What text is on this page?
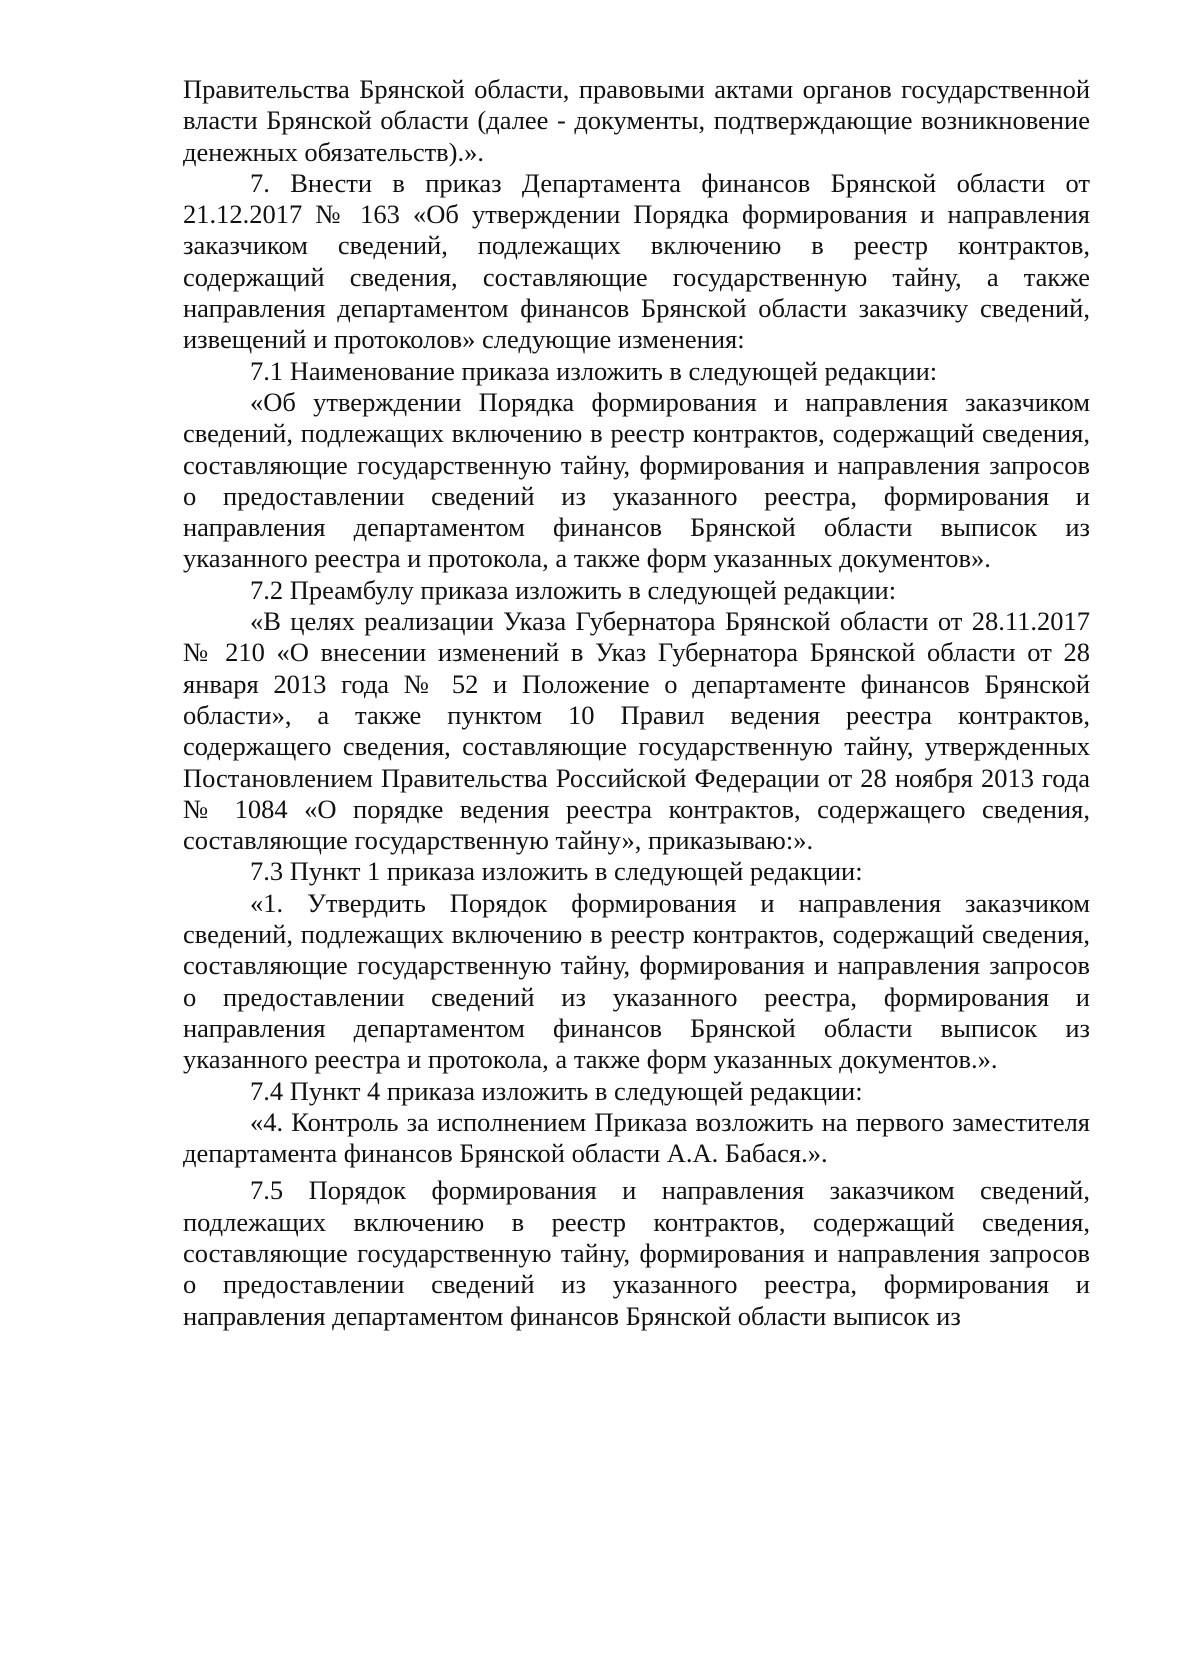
Правительства Брянской области, правовыми актами органов государственной власти Брянской области (далее - документы, подтверждающие возникновение денежных обязательств).».

7. Внести в приказ Департамента финансов Брянской области от 21.12.2017 № 163 «Об утверждении Порядка формирования и направления заказчиком сведений, подлежащих включению в реестр контрактов, содержащий сведения, составляющие государственную тайну, а также направления департаментом финансов Брянской области заказчику сведений, извещений и протоколов» следующие изменения:

7.1 Наименование приказа изложить в следующей редакции:

«Об утверждении Порядка формирования и направления заказчиком сведений, подлежащих включению в реестр контрактов, содержащий сведения, составляющие государственную тайну, формирования и направления запросов о предоставлении сведений из указанного реестра, формирования и направления департаментом финансов Брянской области выписок из указанного реестра и протокола, а также форм указанных документов».

7.2 Преамбулу приказа изложить в следующей редакции:

«В целях реализации Указа Губернатора Брянской области от 28.11.2017 № 210 «О внесении изменений в Указ Губернатора Брянской области от 28 января 2013 года № 52 и Положение о департаменте финансов Брянской области», а также пунктом 10 Правил ведения реестра контрактов, содержащего сведения, составляющие государственную тайну, утвержденных Постановлением Правительства Российской Федерации от 28 ноября 2013 года № 1084 «О порядке ведения реестра контрактов, содержащего сведения, составляющие государственную тайну», приказываю:».

7.3 Пункт 1 приказа изложить в следующей редакции:

«1. Утвердить Порядок формирования и направления заказчиком сведений, подлежащих включению в реестр контрактов, содержащий сведения, составляющие государственную тайну, формирования и направления запросов о предоставлении сведений из указанного реестра, формирования и направления департаментом финансов Брянской области выписок из указанного реестра и протокола, а также форм указанных документов.».

7.4 Пункт 4 приказа изложить в следующей редакции:

«4. Контроль за исполнением Приказа возложить на первого заместителя департамента финансов Брянской области А.А. Бабася.».

7.5 Порядок формирования и направления заказчиком сведений, подлежащих включению в реестр контрактов, содержащий сведения, составляющие государственную тайну, формирования и направления запросов о предоставлении сведений из указанного реестра, формирования и направления департаментом финансов Брянской области выписок из
